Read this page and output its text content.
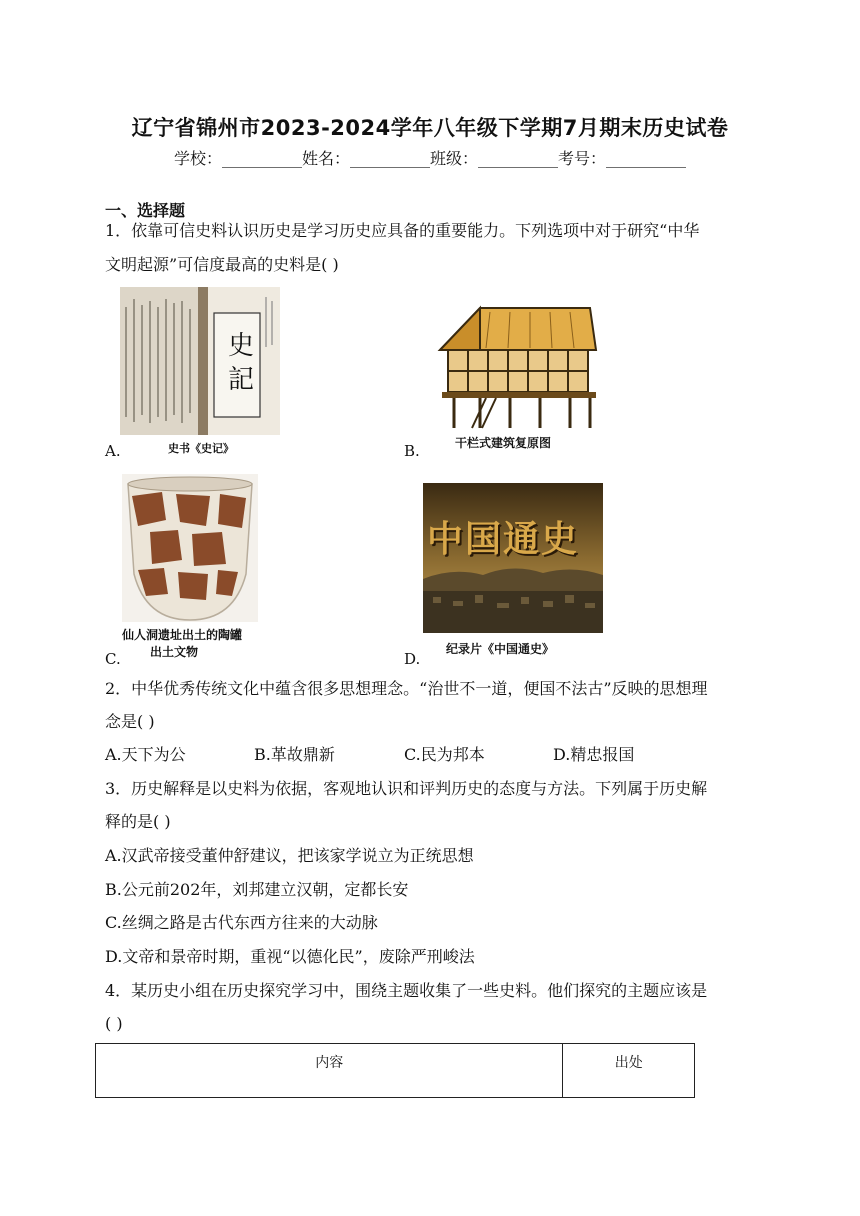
辽宁省锦州市2023-2024学年八年级下学期7月期末历史试卷
学校：__________姓名：__________班级：__________考号：__________
一、选择题
1．依靠可信史料认识历史是学习历史应具备的重要能力。下列选项中对于研究“中华
文明起源”可信度最高的史料是( )
史記
A.	史书《史记》	B.	干栏式建筑复原图
仙人洞遗址出土的陶罐
C. 出土文物
中国通史
D.
纪录片《中国通史》
2．中华优秀传统文化中蕴含很多思想理念。“治世不一道，便国不法古”反映的思想理
念是( )
A.天下为公	B.革故鼎新	C.民为邦本	D.精忠报国
3．历史解释是以史料为依据，客观地认识和评判历史的态度与方法。下列属于历史解
释的是( )
A.汉武帝接受董仲舒建议，把该家学说立为正统思想
B.公元前202年，刘邦建立汉朝，定都长安
C.丝绸之路是古代东西方往来的大动脉
D.文帝和景帝时期，重视“以德化民”，废除严刑峻法
4．某历史小组在历史探究学习中，围绕主题收集了一些史料。他们探究的主题应该是
( )
内容	出处
